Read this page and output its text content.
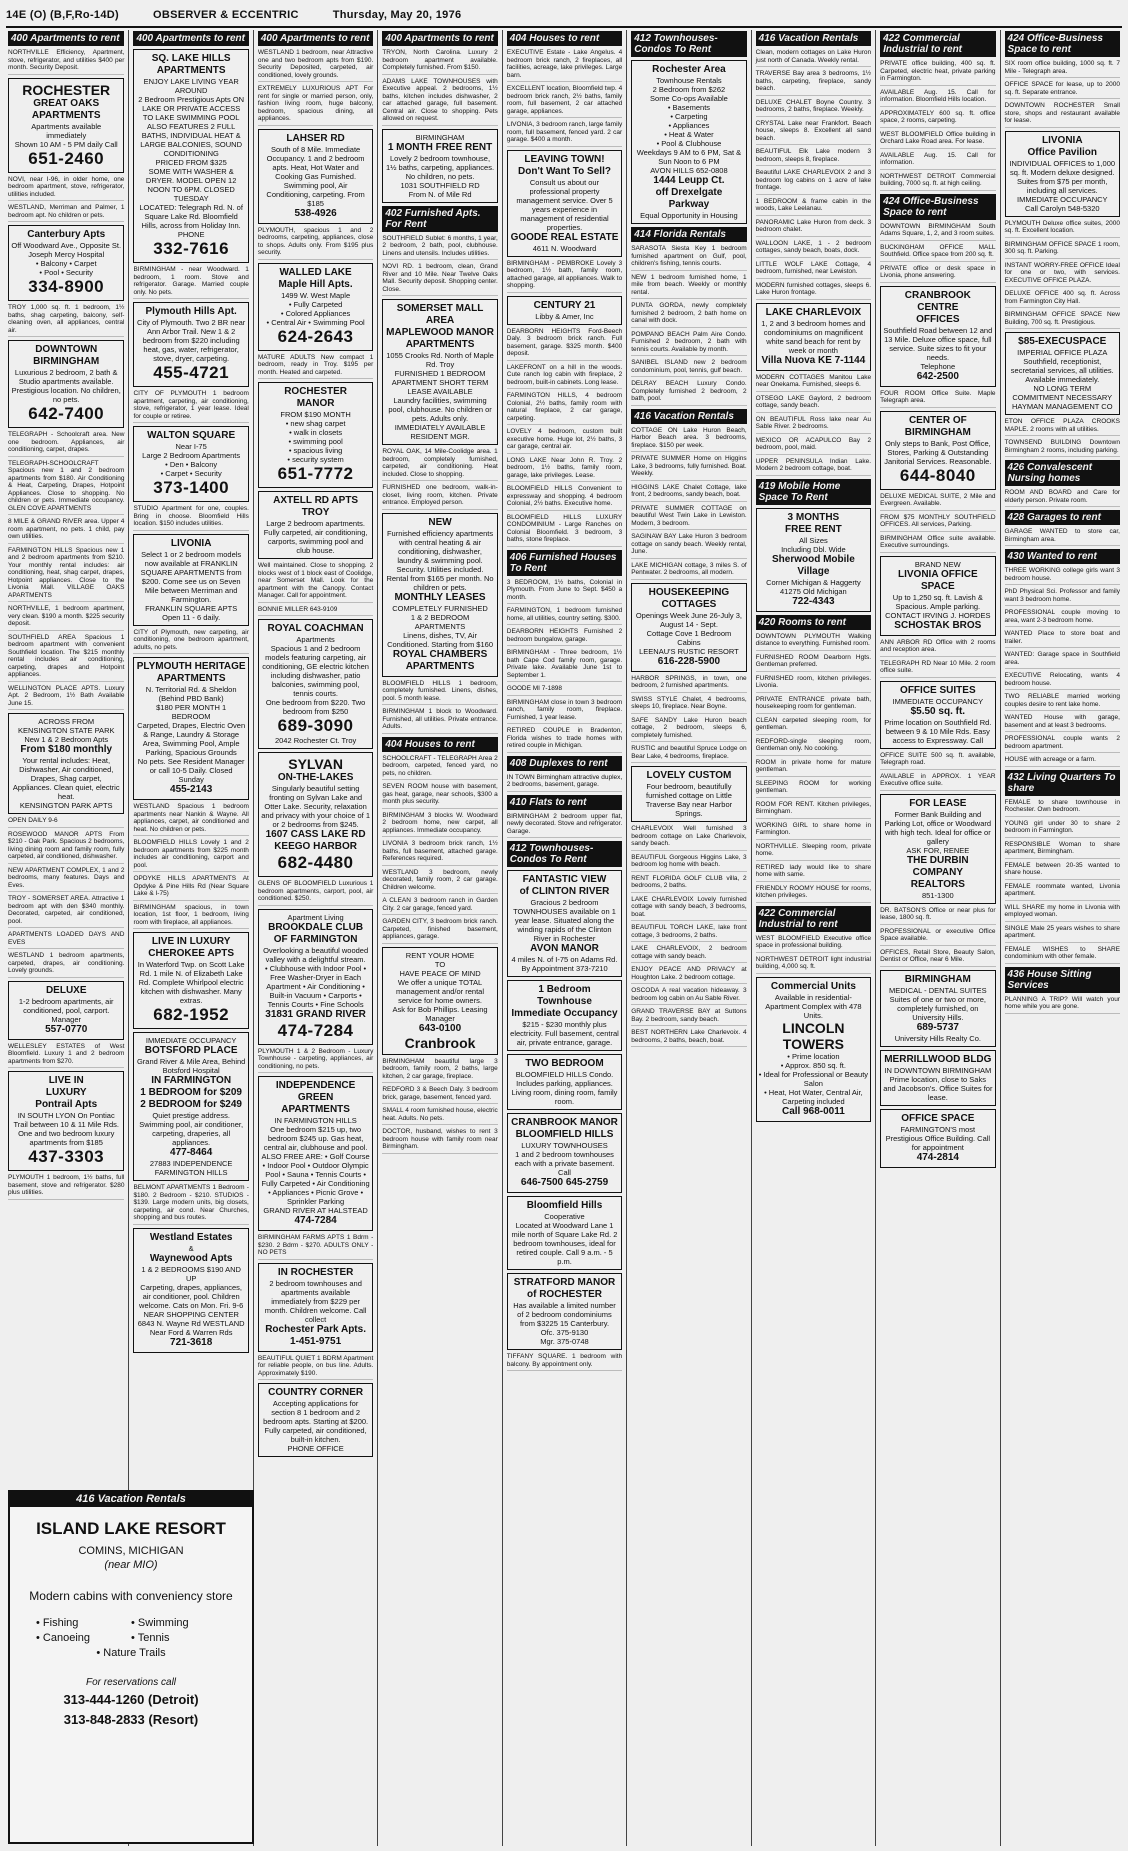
14E (O) (B,F,Ro-14D)	OBSERVER & ECCENTRIC	Thursday, May 20, 1976
400 Apartments to rent
NORTHVILLE Efficiency, Apartment, stove, refrigerator, and utilities $400 per month. Security Deposit.
ROCHESTER
GREAT OAKS
APARTMENTS
Apartments available immediately
Shown 10 AM - 5 PM daily Call
651-2460
NOVI, near I-96, in older home, one bedroom apartment, stove, refrigerator, utilities included.
WESTLAND, Merriman and Palmer, 1 bedroom apt. No children or pets.
Canterbury Apts
Off Woodward Ave., Opposite St. Joseph Mercy Hospital
• Balcony • Carpet
• Pool • Security
334-8900
TROY 1,000 sq. ft. 1 bedroom, 1½ baths, shag carpeting, balcony, self-cleaning oven, all appliances, central air.
DOWNTOWN
BIRMINGHAM
Luxurious 2 bedroom, 2 bath & Studio apartments available. Prestigious location. No children, no pets.
642-7400
TELEGRAPH - Schoolcraft area. New one bedroom. Appliances, air conditioning, carpet, drapes.
TELEGRAPH-SCHOOLCRAFT Spacious new 1 and 2 bedroom apartments from $180. Air Conditioning & Heat, Carpeting, Drapes, Hotpoint Appliances. Close to shopping. No children or pets. Immediate occupancy. GLEN COVE APARTMENTS
8 MILE & GRAND RIVER area. Upper 4 room apartment, no pets. 1 child, pay own utilities.
FARMINGTON HILLS Spacious new 1 and 2 bedroom apartments from $210. Your monthly rental includes: air conditioning, heat, shag carpet, drapes, Hotpoint appliances. Close to the Livonia Mall. VILLAGE OAKS APARTMENTS
NORTHVILLE, 1 bedroom apartment, very clean. $190 a month. $225 security deposit.
SOUTHFIELD AREA Spacious 1 bedroom apartment with convenient Southfield location. The $215 monthly rental includes air conditioning, carpeting, drapes and Hotpoint appliances.
WELLINGTON PLACE APTS. Luxury Apt. 2 Bedroom, 1½ Bath Available June 15.
ACROSS FROM
KENSINGTON STATE PARK
New 1 & 2 Bedroom Apts
From $180 monthly
Your rental includes: Heat, Dishwasher, Air conditioned, Drapes, Shag carpet, Appliances. Clean quiet, electric heat.
KENSINGTON PARK APTS
OPEN DAILY 9-6
ROSEWOOD MANOR APTS From $210 - Oak Park. Spacious 2 bedrooms, living dining room and family room, fully carpeted, air conditioned, dishwasher.
NEW APARTMENT COMPLEX, 1 and 2 bedrooms, many features. Days and Eves.
TROY - SOMERSET AREA. Attractive 1 bedroom apt with den $340 monthly. Decorated, carpeted, air conditioned, pool.
APARTMENTS LOADED DAYS AND EVES
WESTLAND 1 bedroom apartments, carpeted, drapes, air conditioning. Lovely grounds.
DELUXE
1-2 bedroom apartments, air conditioned, pool, carport. Manager
557-0770
WELLESLEY ESTATES of West Bloomfield. Luxury 1 and 2 bedroom apartments from $270.
LIVE IN
LUXURY
Pontrail Apts
IN SOUTH LYON On Pontiac Trail between 10 & 11 Mile Rds. One and two bedroom luxury apartments from $185
437-3303
PLYMOUTH 1 bedroom, 1½ baths, full basement, stove and refrigerator. $280 plus utilities.
400 Apartments to rent
SQ. LAKE HILLS
APARTMENTS
ENJOY LAKE LIVING YEAR AROUND
2 Bedroom Prestigious Apts ON LAKE OR PRIVATE ACCESS TO LAKE SWIMMING POOL
ALSO FEATURES 2 FULL BATHS, INDIVIDUAL HEAT & LARGE BALCONIES, SOUND CONDITIONING
PRICED FROM $325
SOME WITH WASHER & DRYER. MODEL OPEN 12 NOON TO 6PM. CLOSED TUESDAY
LOCATED: Telegraph Rd. N. of Square Lake Rd. Bloomfield Hills, across from Holiday Inn. PHONE
332-7616
BIRMINGHAM - near Woodward. 1 bedroom, 1 room. Stove and refrigerator. Garage. Married couple only. No pets.
Plymouth Hills Apt.
City of Plymouth. Two 2 BR near Ann Arbor Trail. New 1 & 2 bedroom from $220 including heat, gas, water, refrigerator, stove, dryer, carpeting.
455-4721
CITY OF PLYMOUTH 1 bedroom apartment, carpeting, air conditioning, stove, refrigerator, 1 year lease. Ideal for couple or retiree.
WALTON SQUARE
Near I-75
Large 2 Bedroom Apartments
• Den • Balcony
• Carpet • Security
373-1400
STUDIO Apartment for one, couples. Bring in choose. Bloomfield Hills location. $150 includes utilities.
LIVONIA
Select 1 or 2 bedroom models now available at FRANKLIN SQUARE APARTMENTS from $200. Come see us on Seven Mile between Merriman and Farmington.
FRANKLIN SQUARE APTS
Open 11 - 6 daily.
CITY of Plymouth, new carpeting, air conditioning, one bedroom apartment, adults, no pets.
PLYMOUTH HERITAGE
APARTMENTS
N. Territorial Rd. & Sheldon (Behind PBD Bank)
$180 PER MONTH 1 BEDROOM
Carpeted, Drapes, Electric Oven & Range, Laundry & Storage Area, Swimming Pool, Ample Parking, Spacious Grounds
No pets. See Resident Manager or call 10-5 Daily. Closed Sunday
455-2143
WESTLAND Spacious 1 bedroom apartments near Nankin & Wayne. All appliances, carpet, air conditioned and heat. No children or pets.
BLOOMFIELD HILLS Lovely 1 and 2 bedroom apartments from $225 month includes air conditioning, carport and pool.
OPDYKE HILLS APARTMENTS At Opdyke & Pine Hills Rd (Near Square Lake & I-75)
BIRMINGHAM spacious, in town location, 1st floor, 1 bedroom, living room with fireplace, all appliances.
LIVE IN LUXURY
CHEROKEE APTS
In Waterford Twp. on Scott Lake Rd. 1 mile N. of Elizabeth Lake Rd. Complete Whirlpool electric kitchen with dishwasher. Many extras.
682-1952
IMMEDIATE OCCUPANCY
BOTSFORD PLACE
Grand River & Mile Area, Behind Botsford Hospital
IN FARMINGTON
1 BEDROOM for $209
2 BEDROOM for $249
Quiet prestige address. Swimming pool, air conditioner, carpeting, draperies, all appliances.
477-8464
27883 INDEPENDENCE FARMINGTON HILLS
BELMONT APARTMENTS 1 Bedroom - $180. 2 Bedroom - $210. STUDIOS - $139. Large modern units, big closets, carpeting, air cond. Near Churches, shopping and bus routes.
Westland Estates
&
Waynewood Apts
1 & 2 BEDROOMS $190 AND UP
Carpeting, drapes, appliances, air conditioner, pool. Children welcome. Cats on Mon. Fri. 9-6
NEAR SHOPPING CENTER 6843 N. Wayne Rd WESTLAND
Near Ford & Warren Rds
721-3618
400 Apartments to rent
WESTLAND 1 bedroom, near Attractive one and two bedroom apts from $190. Security Deposited, carpeted, air conditioned, lovely grounds.
EXTREMELY LUXURIOUS APT For rent for single or married person, only, fashion living room, huge balcony, bedroom, spacious dining, all appliances.
LAHSER RD
South of 8 Mile. Immediate Occupancy. 1 and 2 bedroom apts. Heat, Hot Water and Cooking Gas Furnished. Swimming pool, Air Conditioning, carpeting. From $185
538-4926
PLYMOUTH, spacious 1 and 2 bedrooms, carpeting, appliances, close to shops. Adults only. From $195 plus security.
WALLED LAKE
Maple Hill Apts.
1499 W. West Maple
• Fully Carpeted
• Colored Appliances
• Central Air • Swimming Pool
624-2643
MATURE ADULTS New compact 1 bedroom, ready in Troy. $195 per month. Heated and carpeted.
ROCHESTER
MANOR
FROM $190 MONTH
• new shag carpet
• walk in closets
• swimming pool
• spacious living
• security system
651-7772
AXTELL RD APTS
TROY
Large 2 bedroom apartments. Fully carpeted, air conditioning, carports, swimming pool and club house.
Well maintained. Close to shopping. 2 blocks west of 1 block east of Coolidge, near Somerset Mall. Look for the apartment with the Canopy. Contact Manager. Call for appointment.
BONNIE MILLER 643-9109
ROYAL COACHMAN
Apartments
Spacious 1 and 2 bedroom models featuring carpeting, air conditioning, GE electric kitchen including dishwasher, patio balconies, swimming pool, tennis courts.
One bedroom from $220. Two bedroom from $250
689-3090
2042 Rochester Ct. Troy
SYLVAN
ON-THE-LAKES
Singularly beautiful setting fronting on Sylvan Lake and Otter Lake. Security, relaxation and privacy with your choice of 1 or 2 bedrooms from $245.
1607 CASS LAKE RD
KEEGO HARBOR
682-4480
GLENS OF BLOOMFIELD Luxurious 1 bedroom apartments, carport, pool, air conditioned. $250.
Apartment Living
BROOKDALE CLUB
OF FARMINGTON
Overlooking a beautiful wooded valley with a delightful stream.
• Clubhouse with Indoor Pool • Free Washer-Dryer in Each Apartment • Air Conditioning • Built-in Vacuum • Carports • Tennis Courts • Fine Schools
31831 GRAND RIVER
474-7284
PLYMOUTH 1 & 2 Bedroom - Luxury Townhouse - carpeting, appliances, air conditioning, no pets.
INDEPENDENCE
GREEN
APARTMENTS
IN FARMINGTON HILLS
One bedroom $215 up, two bedroom $245 up. Gas heat, central air, clubhouse and pool.
ALSO FREE ARE: • Golf Course • Indoor Pool • Outdoor Olympic Pool • Sauna • Tennis Courts • Fully Carpeted • Air Conditioning • Appliances • Picnic Grove • Sprinkler Parking
GRAND RIVER AT HALSTEAD
474-7284
BIRMINGHAM FARMS APTS 1 Bdrm - $230. 2 Bdrm - $270. ADULTS ONLY - NO PETS
IN ROCHESTER
2 bedroom townhouses and apartments available immediately from $229 per month. Children welcome. Call collect
Rochester Park Apts.
1-451-9751
BEAUTIFUL QUIET 1 BDRM Apartment for reliable people, on bus line. Adults. Approximately $190.
COUNTRY CORNER
Accepting applications for section 8 1 bedroom and 2 bedroom apts. Starting at $200. Fully carpeted, air conditioned, built-in kitchen.
PHONE OFFICE
400 Apartments to rent
TRYON, North Carolina. Luxury 2 bedroom apartment available. Completely furnished. From $150.
ADAMS LAKE TOWNHOUSES with Executive appeal. 2 bedrooms, 1½ baths, kitchen includes dishwasher, 2 car attached garage, full basement. Central air. Close to shopping. Pets allowed on request.
BIRMINGHAM
1 MONTH FREE RENT
Lovely 2 bedroom townhouse, 1½ baths, carpeting, appliances. No children, no pets.
1031 SOUTHFIELD RD
From N. of Mile Rd
402 Furnished Apts. For Rent
SOUTHFIELD Sublet: 6 months, 1 year, 2 bedroom, 2 bath, pool, clubhouse. Linens and utensils. Includes utilities.
NOVI RD. 1 bedroom, clean, Grand River and 10 Mile. Near Twelve Oaks Mall. Security deposit. Shopping center. Close.
SOMERSET MALL AREA
MAPLEWOOD MANOR
APARTMENTS
1055 Crooks Rd. North of Maple Rd. Troy
FURNISHED 1 BEDROOM APARTMENT SHORT TERM LEASE AVAILABLE
Laundry facilities, swimming pool, clubhouse. No children or pets. Adults only.
IMMEDIATELY AVAILABLE RESIDENT MGR.
ROYAL OAK, 14 Mile-Coolidge area. 1 bedroom, completely furnished, carpeted, air conditioning. Heat included. Close to shopping.
FURNISHED one bedroom, walk-in-closet, living room, kitchen. Private entrance. Employed person.
NEW
Furnished efficiency apartments with central heating & air conditioning, dishwasher, laundry & swimming pool. Security. Utilities included.
Rental from $165 per month. No children or pets.
MONTHLY LEASES
COMPLETELY FURNISHED
1 & 2 BEDROOM APARTMENTS
Linens, dishes, TV, Air Conditioned. Starting from $160
ROYAL CHAMBERS
APARTMENTS
BLOOMFIELD HILLS 1 bedroom, completely furnished. Linens, dishes, pool. 5 month lease.
BIRMINGHAM 1 block to Woodward. Furnished, all utilities. Private entrance. Adults.
404 Houses to rent
SCHOOLCRAFT - TELEGRAPH Area 2 bedroom, carpeted, fenced yard, no pets, no children.
SEVEN ROOM house with basement, gas heat, garage, near schools, $300 a month plus security.
BIRMINGHAM 3 blocks W. Woodward 2 bedroom home, new carpet, all appliances. Immediate occupancy.
LIVONIA 3 bedroom brick ranch, 1½ baths, full basement, attached garage. References required.
WESTLAND 3 bedroom, newly decorated, family room, 2 car garage. Children welcome.
A CLEAN 3 bedroom ranch in Garden City. 2 car garage, fenced yard.
GARDEN CITY, 3 bedroom brick ranch. Carpeted, finished basement, appliances, garage.
RENT YOUR HOME
TO
HAVE PEACE OF MIND
We offer a unique TOTAL management and/or rental service for home owners.
Ask for Bob Phillips. Leasing Manager
643-0100
Cranbrook
BIRMINGHAM beautiful large 3 bedroom, family room, 2 baths, large kitchen, 2 car garage, fireplace.
REDFORD 3 & Beech Daly. 3 bedroom brick, garage, basement, fenced yard.
SMALL 4 room furnished house, electric heat. Adults. No pets.
DOCTOR, husband, wishes to rent 3 bedroom house with family room near Birmingham.
404 Houses to rent
EXECUTIVE Estate - Lake Angelus. 4 bedroom brick ranch, 2 fireplaces, all facilities, acreage, lake privileges. Large barn.
EXCELLENT location, Bloomfield twp. 4 bedroom brick ranch, 2½ baths, family room, full basement, 2 car attached garage, appliances.
LIVONIA, 3 bedroom ranch, large family room, full basement, fenced yard. 2 car garage. $400 a month.
LEAVING TOWN!
Don't Want To Sell?
Consult us about our professional property management service. Over 5 years experience in management of residential properties.
GOODE REAL ESTATE
4611 N. Woodward
BIRMINGHAM - PEMBROKE Lovely 3 bedroom, 1½ bath, family room, attached garage, all appliances. Walk to shopping.
CENTURY 21
Libby & Amer, Inc
DEARBORN HEIGHTS Ford-Beech Daly. 3 bedroom brick ranch. Full basement, garage. $325 month. $400 deposit.
LAKEFRONT on a hill in the woods. Cute ranch log cabin with fireplace, 2 bedroom, built-in cabinets. Long lease.
FARMINGTON HILLS, 4 bedroom Colonial, 2½ baths, family room with natural fireplace, 2 car garage, carpeting.
LOVELY 4 bedroom, custom built executive home. Huge lot, 2½ baths, 3 car garage, central air.
LONG LAKE Near John R. Troy. 2 bedroom, 1½ baths, family room, garage, lake privileges. Lease.
BLOOMFIELD HILLS Convenient to expressway and shopping. 4 bedroom Colonial, 2½ baths. Executive home.
BLOOMFIELD HILLS LUXURY CONDOMINIUM - Large Ranches on Colonial Bloomfield. 3 bedroom, 3 baths, stone fireplace.
406 Furnished Houses To Rent
3 BEDROOM, 1½ baths, Colonial in Plymouth. From June to Sept. $450 a month.
FARMINGTON, 1 bedroom furnished home, all utilities, country setting. $300.
DEARBORN HEIGHTS Furnished 2 bedroom bungalow, garage.
BIRMINGHAM - Three bedroom, 1½ bath Cape Cod family room, garage. Private lake. Available June 1st to September 1.
GOODE MI 7-1898
BIRMINGHAM close in town 3 bedroom ranch, family room, fireplace. Furnished, 1 year lease.
RETIRED COUPLE in Bradenton, Florida wishes to trade homes with retired couple in Michigan.
408 Duplexes to rent
IN TOWN Birmingham attractive duplex, 2 bedrooms, basement, garage.
410 Flats to rent
BIRMINGHAM 2 bedroom upper flat, newly decorated. Stove and refrigerator. Garage.
412 Townhouses-Condos To Rent
FANTASTIC VIEW
of CLINTON RIVER
Gracious 2 bedroom TOWNHOUSES available on 1 year lease. Situated along the winding rapids of the Clinton River in Rochester
AVON MANOR
4 miles N. of I-75 on Adams Rd.
By Appointment 373-7210
1 Bedroom Townhouse
Immediate Occupancy
$215 - $230 monthly plus electricity. Full basement, central air, private entrance, garage.
TWO BEDROOM
BLOOMFIELD HILLS Condo. Includes parking, appliances. Living room, dining room, family room.
CRANBROOK MANOR
BLOOMFIELD HILLS
LUXURY TOWNHOUSES
1 and 2 bedroom townhouses each with a private basement. Call
646-7500 645-2759
Bloomfield Hills
Cooperative
Located at Woodward Lane 1 mile north of Square Lake Rd. 2 bedroom townhouses, ideal for retired couple. Call 9 a.m. - 5 p.m.
STRATFORD MANOR
of ROCHESTER
Has available a limited number of 2 bedroom condominiums from $3225 15 Canterbury.
Ofc. 375-9130
Mgr. 375-0748
TIFFANY SQUARE. 1 bedroom with balcony. By appointment only.
412 Townhouses-Condos To Rent
Rochester Area
Townhouse Rentals
2 Bedroom from $262
Some Co-ops Available
• Basements
• Carpeting
• Appliances
• Heat & Water
• Pool & Clubhouse
Weekdays 9 AM to 6 PM, Sat & Sun Noon to 6 PM
AVON HILLS 652-0808
1444 Leupp Ct.
off Drexelgate
Parkway
Equal Opportunity in Housing
414 Florida Rentals
SARASOTA Siesta Key 1 bedroom furnished apartment on Gulf, pool, children's fishing, tennis courts.
NEW 1 bedroom furnished home, 1 mile from beach. Weekly or monthly rental.
PUNTA GORDA, newly completely furnished 2 bedroom, 2 bath home on canal with dock.
POMPANO BEACH Palm Aire Condo. Furnished 2 bedroom, 2 bath with tennis courts. Available by month.
SANIBEL ISLAND new 2 bedroom condominium, pool, tennis, gulf beach.
DELRAY BEACH Luxury Condo. Completely furnished 2 bedroom, 2 bath, pool.
416 Vacation Rentals
COTTAGE ON Lake Huron Beach, Harbor Beach area. 3 bedrooms, fireplace. $150 per week.
PRIVATE SUMMER Home on Higgins Lake, 3 bedrooms, fully furnished. Boat. Weekly.
HIGGINS LAKE Chalet Cottage, lake front, 2 bedrooms, sandy beach, boat.
PRIVATE SUMMER COTTAGE on beautiful West Twin Lake in Lewiston. Modern, 3 bedroom.
SAGINAW BAY Lake Huron 3 bedroom cottage on sandy beach. Weekly rental, June.
LAKE MICHIGAN cottage, 3 miles S. of Pentwater. 2 bedrooms, all modern.
HOUSEKEEPING
COTTAGES
Openings Week June 26-July 3, August 14 - Sept.
Cottage Cove 1 Bedroom Cabins
LEENAU'S RUSTIC RESORT
616-228-5900
HARBOR SPRINGS, in town, one bedroom, 2 furnished apartments.
SWISS STYLE Chalet, 4 bedrooms, sleeps 10, fireplace. Near Boyne.
SAFE SANDY Lake Huron beach cottage, 2 bedroom, sleeps 6, completely furnished.
RUSTIC and beautiful Spruce Lodge on Bear Lake, 4 bedrooms, fireplace.
LOVELY CUSTOM
Four bedroom, beautifully furnished cottage on Little Traverse Bay near Harbor Springs.
CHARLEVOIX Well furnished 3 bedroom cottage on Lake Charlevoix, sandy beach.
BEAUTIFUL Gorgeous Higgins Lake, 3 bedroom log home with beach.
RENT FLORIDA GOLF CLUB villa, 2 bedrooms, 2 baths.
LAKE CHARLEVOIX Lovely furnished cottage with sandy beach, 3 bedrooms, boat.
BEAUTIFUL TORCH LAKE, lake front cottage, 3 bedrooms, 2 baths.
LAKE CHARLEVOIX, 2 bedroom cottage with sandy beach.
ENJOY PEACE AND PRIVACY at Houghton Lake. 2 bedroom cottage.
OSCODA A real vacation hideaway. 3 bedroom log cabin on Au Sable River.
GRAND TRAVERSE BAY at Suttons Bay. 2 bedroom, sandy beach.
BEST NORTHERN Lake Charlevoix. 4 bedrooms, 2 baths, beach, boat.
416 Vacation Rentals
Clean, modern cottages on Lake Huron just north of Canada. Weekly rental.
TRAVERSE Bay area 3 bedrooms, 1½ baths, carpeting, fireplace, sandy beach.
DELUXE CHALET Boyne Country. 3 bedrooms, 2 baths, fireplace. Weekly.
CRYSTAL Lake near Frankfort. Beach house, sleeps 8. Excellent all sand beach.
BEAUTIFUL Elk Lake modern 3 bedroom, sleeps 8, fireplace.
Beautiful LAKE CHARLEVOIX 2 and 3 bedroom log cabins on 1 acre of lake frontage.
1 BEDROOM & frame cabin in the woods, Lake Leelanau.
PANORAMIC Lake Huron from deck. 3 bedroom chalet.
WALLOON LAKE, 1 - 2 bedroom cottages, sandy beach, boats, dock.
LITTLE WOLF LAKE Cottage, 4 bedroom, furnished, near Lewiston.
MODERN furnished cottages, sleeps 6. Lake Huron frontage.
LAKE CHARLEVOIX
1, 2 and 3 bedroom homes and condominiums on magnificent white sand beach for rent by week or month
Villa Nuova KE 7-1144
MODERN COTTAGES Manitou Lake near Onekama. Furnished, sleeps 6.
OTSEGO LAKE Gaylord, 2 bedroom cottage, sandy beach.
ON BEAUTIFUL Ross lake near Au Sable River. 2 bedrooms.
MEXICO OR ACAPULCO Bay 2 bedroom, pool, maid.
UPPER PENINSULA Indian Lake. Modern 2 bedroom cottage, boat.
419 Mobile Home Space To Rent
3 MONTHS
FREE RENT
All Sizes
Including Dbl. Wide
Sherwood Mobile
Village
Corner Michigan & Haggerty
41275 Old Michigan
722-4343
420 Rooms to rent
DOWNTOWN PLYMOUTH Walking distance to everything. Furnished room.
FURNISHED ROOM Dearborn Hgts. Gentleman preferred.
FURNISHED room, kitchen privileges. Livonia.
PRIVATE ENTRANCE private bath, housekeeping room for gentleman.
CLEAN carpeted sleeping room, for gentleman.
REDFORD-single sleeping room, Gentleman only. No cooking.
ROOM in private home for mature gentleman.
SLEEPING ROOM for working gentleman.
ROOM FOR RENT. Kitchen privileges, Birmingham.
WORKING GIRL to share home in Farmington.
NORTHVILLE. Sleeping room, private home.
RETIRED lady would like to share home with same.
FRIENDLY ROOMY HOUSE for rooms, kitchen privileges.
422 Commercial Industrial to rent
WEST BLOOMFIELD Executive office space in professional building.
NORTHWEST DETROIT light industrial building, 4,000 sq. ft.
Commercial Units
Available in residential-Apartment Complex with 478 Units.
LINCOLN
TOWERS
• Prime location
• Approx. 850 sq. ft.
• Ideal for Professional or Beauty Salon
• Heat, Hot Water, Central Air, Carpeting included
Call 968-0011
422 Commercial Industrial to rent
PRIVATE office building, 400 sq. ft. Carpeted, electric heat, private parking in Farmington.
AVAILABLE Aug. 15. Call for information. Bloomfield Hills location.
APPROXIMATELY 600 sq. ft. office space, 2 rooms, carpeting.
WEST BLOOMFIELD Office building in Orchard Lake Road area. For lease.
AVAILABLE Aug. 15. Call for information.
NORTHWEST DETROIT Commercial building, 7000 sq. ft. at high ceiling.
424 Office-Business Space to rent
DOWNTOWN BIRMINGHAM South Adams Square, 1, 2, and 3 room suites.
BUCKINGHAM OFFICE MALL Southfield. Office space from 200 sq. ft.
PRIVATE office or desk space in Livonia, phone answering.
CRANBROOK
CENTRE
OFFICES
Southfield Road between 12 and 13 Mile. Deluxe office space, full service. Suite sizes to fit your needs.
Telephone
642-2500
FOUR ROOM Office Suite. Maple Telegraph area.
CENTER OF
BIRMINGHAM
Only steps to Bank, Post Office, Stores, Parking & Outstanding Janitorial Services. Reasonable.
644-8040
DELUXE MEDICAL SUITE, 2 Mile and Evergreen. Available.
FROM $75 MONTHLY SOUTHFIELD OFFICES. All services, Parking.
BIRMINGHAM Office suite available. Executive surroundings.
BRAND NEW
LIVONIA OFFICE SPACE
Up to 1,250 sq. ft. Lavish & Spacious. Ample parking.
CONTACT IRVING J. HORDES
SCHOSTAK BROS
ANN ARBOR RD Office with 2 rooms and reception area.
TELEGRAPH RD Near 10 Mile. 2 room office suite.
OFFICE SUITES
IMMEDIATE OCCUPANCY
$5.50 sq. ft.
Prime location on Southfield Rd. between 9 & 10 Mile Rds. Easy access to Expressway. Call
OFFICE SUITE 500 sq. ft. available, Telegraph road.
AVAILABLE in APPROX. 1 YEAR Executive office suite.
FOR LEASE
Former Bank Building and Parking Lot, office or Woodward with high tech. Ideal for office or gallery
ASK FOR, RENEE
THE DURBIN COMPANY
REALTORS
851-1300
DR. BATSON'S Office or near plus for lease, 1800 sq. ft.
PROFESSIONAL or executive Office Space available.
OFFICES, Retail Store, Beauty Salon, Dentist or Office, near 6 Mile.
BIRMINGHAM
MEDICAL - DENTAL SUITES
Suites of one or two or more, completely furnished, on University Hills.
689-5737
University Hills Realty Co.
MERRILLWOOD BLDG
IN DOWNTOWN BIRMINGHAM
Prime location, close to Saks and Jacobson's. Office Suites for lease.
OFFICE SPACE
FARMINGTON'S most Prestigious Office Building. Call for appointment
474-2814
424 Office-Business Space to rent
SIX room office building, 1000 sq. ft. 7 Mile - Telegraph area.
OFFICE SPACE for lease, up to 2000 sq. ft. Separate entrance.
DOWNTOWN ROCHESTER Small store, shops and restaurant available for lease.
LIVONIA
Office Pavilion
INDIVIDUAL OFFICES to 1,000 sq. ft. Modern deluxe designed. Suites from $75 per month, including all services. IMMEDIATE OCCUPANCY
Call Carolyn 548-5320
PLYMOUTH Deluxe office suites, 2000 sq. ft. Excellent location.
BIRMINGHAM OFFICE SPACE 1 room, 300 sq. ft. Parking.
INSTANT WORRY-FREE OFFICE Ideal for one or two, with services. EXECUTIVE OFFICE PLAZA.
DELUXE OFFICE 400 sq. ft. Across from Farmington City Hall.
BIRMINGHAM OFFICE SPACE New Building, 700 sq. ft. Prestigious.
$85-EXECUSPACE
IMPERIAL OFFICE PLAZA
Southfield, receptionist, secretarial services, all utilities. Available immediately.
NO LONG TERM COMMITMENT NECESSARY
HAYMAN MANAGEMENT CO
ETON OFFICE PLAZA CROOKS MAPLE. 2 rooms with all utilities.
TOWNSEND BUILDING Downtown Birmingham 2 rooms, including parking.
426 Convalescent Nursing homes
ROOM AND BOARD and Care for elderly person. Private room.
428 Garages to rent
GARAGE WANTED to store car, Birmingham area.
430 Wanted to rent
THREE WORKING college girls want 3 bedroom house.
PhD Physical Sci. Professor and family want 3 bedroom home.
PROFESSIONAL couple moving to area, want 2-3 bedroom home.
WANTED Place to store boat and trailer.
WANTED: Garage space in Southfield area.
EXECUTIVE Relocating, wants 4 bedroom house.
TWO RELIABLE married working couples desire to rent lake home.
WANTED House with garage, basement and at least 3 bedrooms.
PROFESSIONAL couple wants 2 bedroom apartment.
HOUSE with acreage or a farm.
432 Living Quarters To share
FEMALE to share townhouse in Rochester. Own bedroom.
YOUNG girl under 30 to share 2 bedroom in Farmington.
RESPONSIBLE Woman to share apartment, Birmingham.
FEMALE between 20-35 wanted to share house.
FEMALE roommate wanted, Livonia apartment.
WILL SHARE my home in Livonia with employed woman.
SINGLE Male 25 years wishes to share apartment.
FEMALE WISHES to SHARE condominium with other female.
436 House Sitting Services
PLANNING A TRIP? Will watch your home while you are gone.
416 Vacation Rentals
ISLAND LAKE RESORT
COMINS, MICHIGAN
(near MIO)
Modern cabins with conveniency store
• Fishing	• Swimming
• Canoeing	• Tennis
• Nature Trails
For reservations call
313-444-1260 (Detroit)
313-848-2833 (Resort)
